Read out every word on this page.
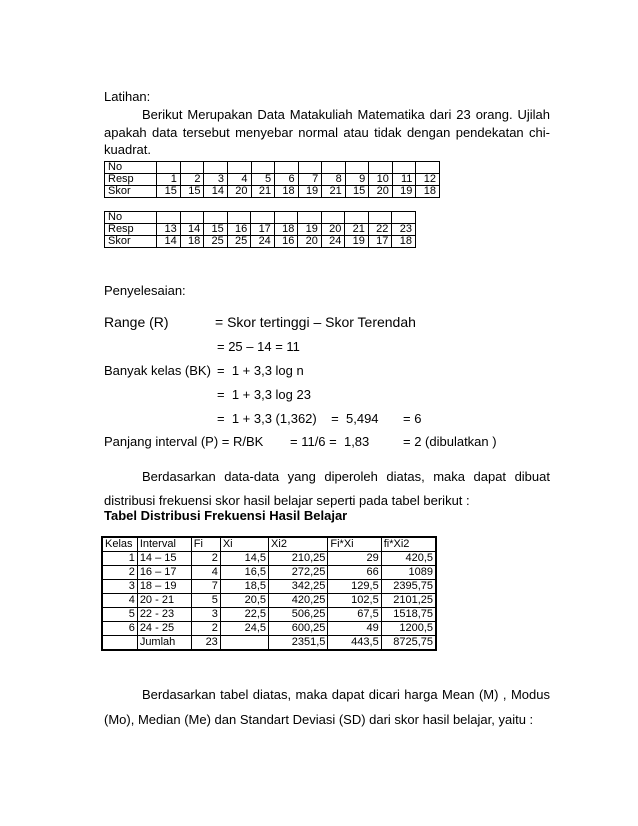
Latihan:
Berikut Merupakan Data Matakuliah Matematika dari 23 orang. Ujilah apakah data tersebut menyebar normal atau tidak dengan pendekatan chi-kuadrat.
No												
Resp	1	2	3	4	5	6	7	8	9	10	11	12
Skor	15	15	14	20	21	18	19	21	15	20	19	18
No											
Resp	13	14	15	16	17	18	19	20	21	22	23
Skor	14	18	25	25	24	16	20	24	19	17	18
Penyelesaian:
Range (R)	= Skor tertinggi – Skor Terendah
= 25 – 14 = 11
Banyak kelas (BK) =  1 + 3,3 log n
=  1 + 3,3 log 23
=  1 + 3,3 (1,362)    =  5,494 = 6
Panjang interval (P) = R/BK = 11/6 =  1,83	= 2 (dibulatkan )
Berdasarkan data-data yang diperoleh diatas, maka dapat dibuat distribusi frekuensi skor hasil belajar seperti pada tabel berikut :
Tabel Distribusi Frekuensi Hasil Belajar
Kelas	Interval	Fi	Xi	Xi2	Fi*Xi	fi*Xi2
1	14 – 15	2	14,5	210,25	29	420,5
2	16 – 17	4	16,5	272,25	66	1089
3	18 – 19	7	18,5	342,25	129,5	2395,75
4	20 - 21	5	20,5	420,25	102,5	2101,25
5	22 - 23	3	22,5	506,25	67,5	1518,75
6	24 - 25	2	24,5	600,25	49	1200,5
	Jumlah	23		2351,5	443,5	8725,75
Berdasarkan tabel diatas, maka dapat dicari harga Mean (M) , Modus (Mo), Median (Me) dan Standart Deviasi (SD) dari skor hasil belajar, yaitu :
